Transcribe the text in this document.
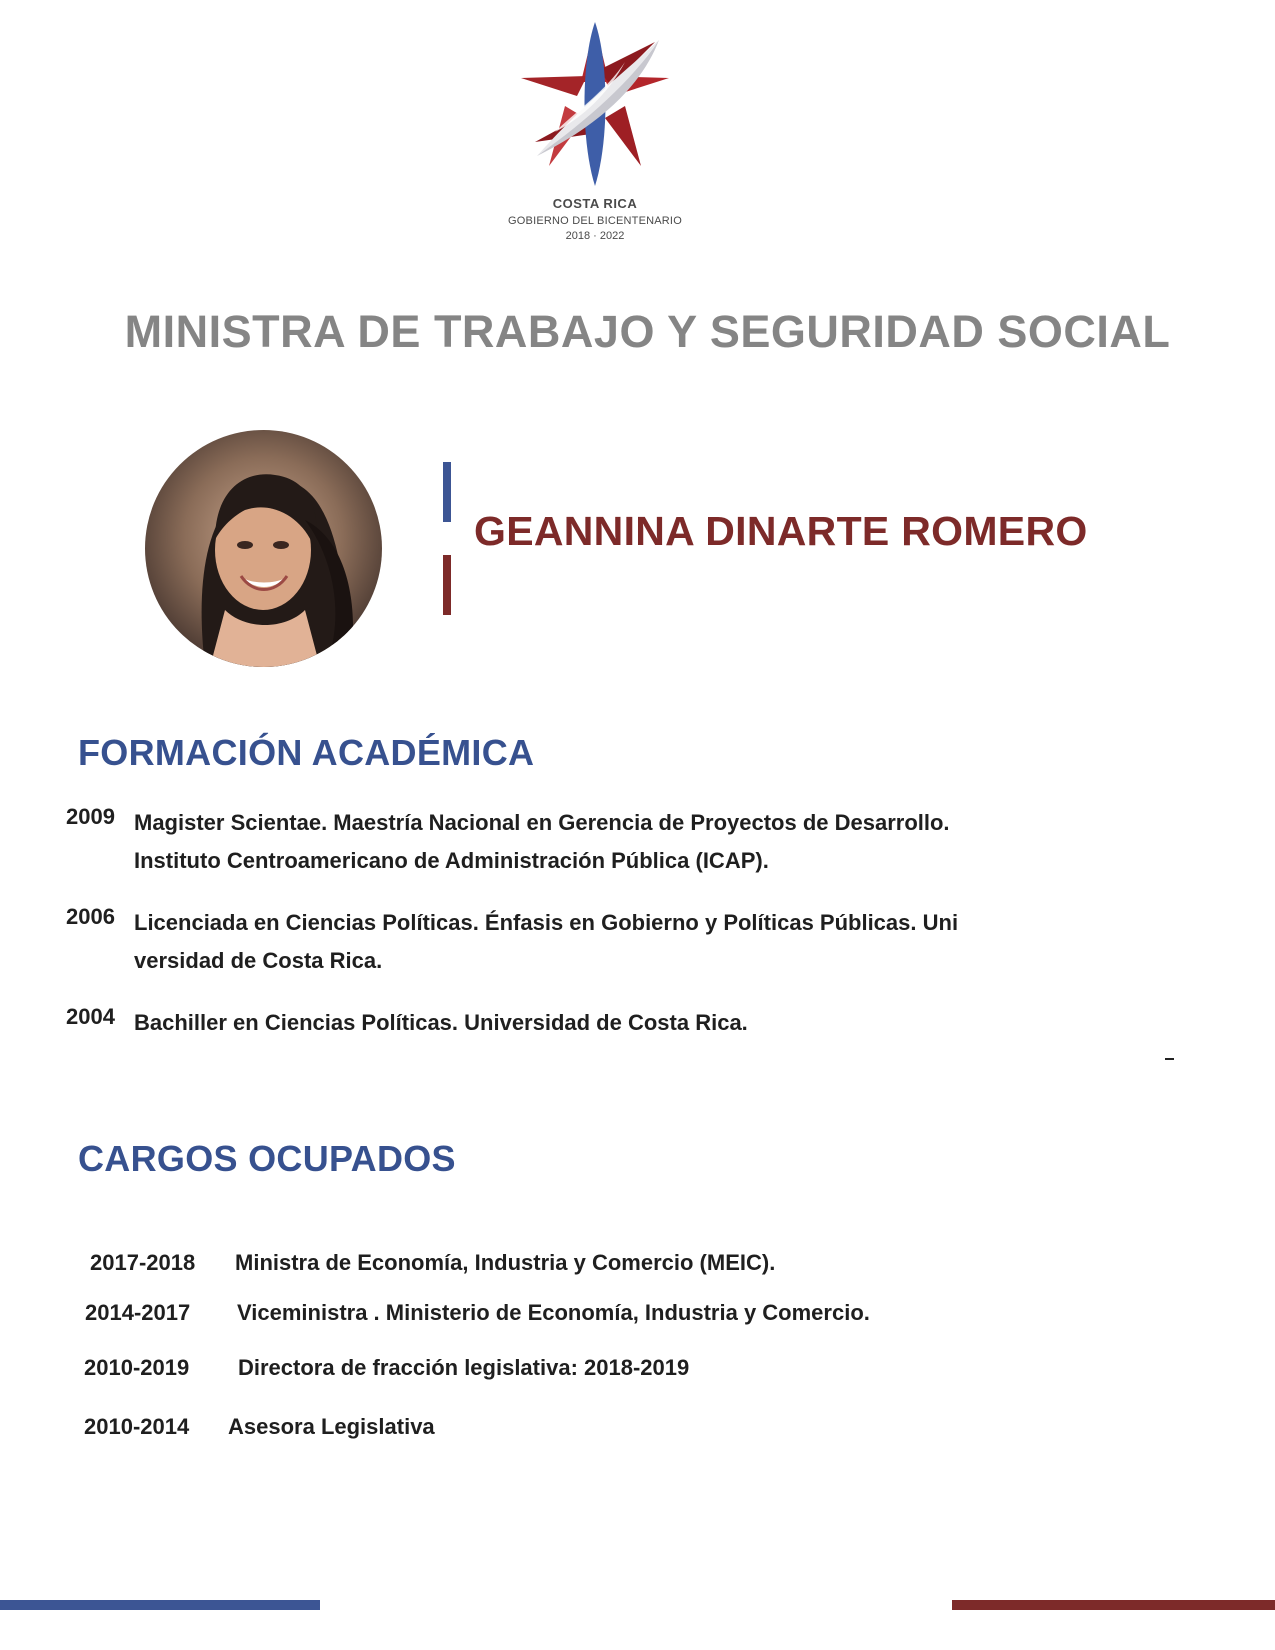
COSTA RICA
GOBIERNO DEL BICENTENARIO
2018 · 2022
MINISTRA DE TRABAJO Y SEGURIDAD SOCIAL
GEANNINA DINARTE ROMERO
FORMACIÓN ACADÉMICA
2009 Magister Scientae. Maestría Nacional en Gerencia de Proyectos de Desarrollo.
Instituto Centroamericano de Administración Pública (ICAP).
2006 Licenciada en Ciencias Políticas. Énfasis en Gobierno y Políticas Públicas. Uni
versidad de Costa Rica.
2004 Bachiller en Ciencias Políticas. Universidad de Costa Rica.
CARGOS OCUPADOS
2017-2018 Ministra de Economía, Industria y Comercio (MEIC).
2014-2017 Viceministra . Ministerio de Economía, Industria y Comercio.
2010-2019 Directora de fracción legislativa: 2018-2019
2010-2014 Asesora Legislativa
